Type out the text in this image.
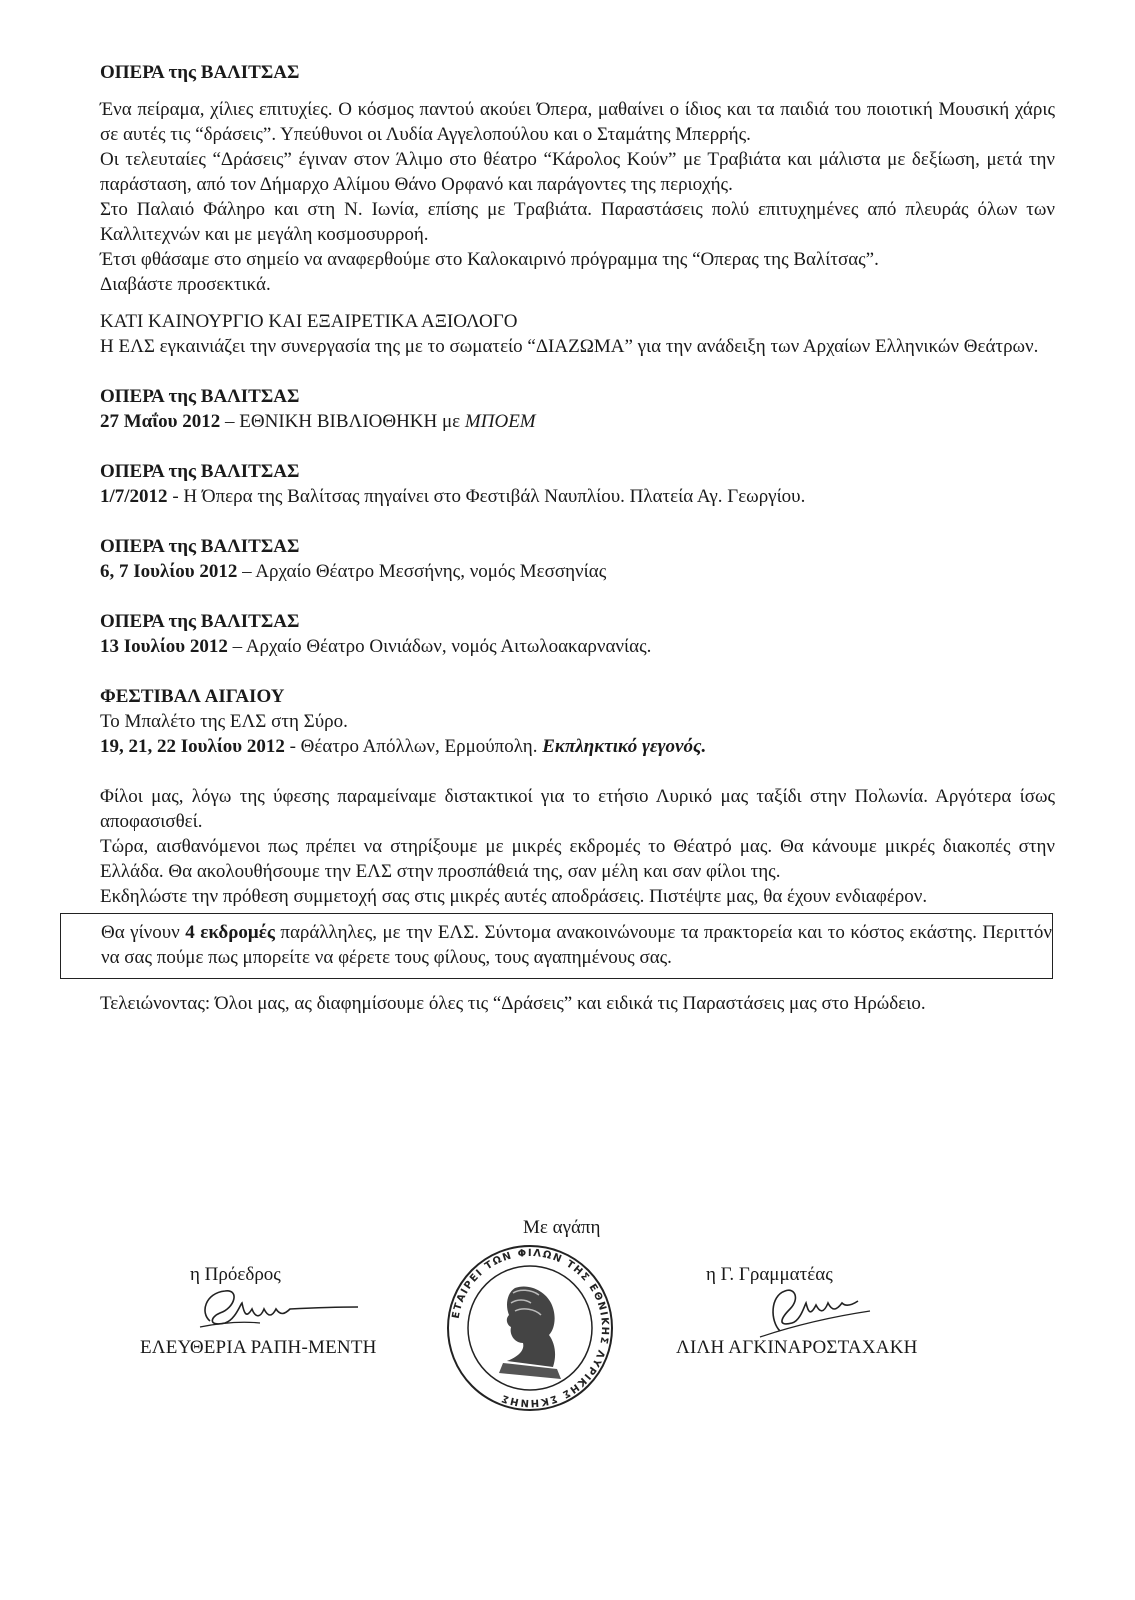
ΟΠΕΡΑ της ΒΑΛΙΤΣΑΣ

Ένα πείραμα, χίλιες επιτυχίες. Ο κόσμος παντού ακούει Όπερα, μαθαίνει ο ίδιος και τα παιδιά του ποιοτική Μουσική χάρις σε αυτές τις “δράσεις”. Υπεύθυνοι οι Λυδία Αγγελοπούλου και ο Σταμάτης Μπερρής.

Οι τελευταίες “Δράσεις” έγιναν στον Άλιμο στο θέατρο “Κάρολος Κούν” με Τραβιάτα και μάλιστα με δεξίωση, μετά την παράσταση, από τον Δήμαρχο Αλίμου Θάνο Ορφανό και παράγοντες της περιοχής.

Στο Παλαιό Φάληρο και στη Ν. Ιωνία, επίσης με Τραβιάτα. Παραστάσεις πολύ επιτυχημένες από πλευράς όλων των Καλλιτεχνών και με μεγάλη κοσμοσυρροή.

Έτσι φθάσαμε στο σημείο να αναφερθούμε στο Καλοκαιρινό πρόγραμμα της “Οπερας της Βαλίτσας”.

Διαβάστε προσεκτικά.

ΚΑΤΙ ΚΑΙΝΟΥΡΓΙΟ ΚΑΙ ΕΞΑΙΡΕΤΙΚΑ ΑΞΙΟΛΟΓΟ

Η ΕΛΣ εγκαινιάζει την συνεργασία της με το σωματείο “ΔΙΑΖΩΜΑ” για την ανάδειξη των Αρχαίων Ελληνικών Θεάτρων.

ΟΠΕΡΑ της ΒΑΛΙΤΣΑΣ

27 Μαΐου 2012 – ΕΘΝΙΚΗ ΒΙΒΛΙΟΘΗΚΗ με ΜΠΟΕΜ

ΟΠΕΡΑ της ΒΑΛΙΤΣΑΣ

1/7/2012 - Η Όπερα της Βαλίτσας πηγαίνει στο Φεστιβάλ Ναυπλίου. Πλατεία Αγ. Γεωργίου.

ΟΠΕΡΑ της ΒΑΛΙΤΣΑΣ

6, 7 Ιουλίου 2012 – Αρχαίο Θέατρο Μεσσήνης, νομός Μεσσηνίας

ΟΠΕΡΑ της ΒΑΛΙΤΣΑΣ

13 Ιουλίου 2012 – Αρχαίο Θέατρο Οινιάδων, νομός Αιτωλοακαρνανίας.

ΦΕΣΤΙΒΑΛ ΑΙΓΑΙΟΥ

Το Μπαλέτο της ΕΛΣ στη Σύρο.

19, 21, 22 Ιουλίου 2012 - Θέατρο Απόλλων, Ερμούπολη. Εκπληκτικό γεγονός.

Φίλοι μας, λόγω της ύφεσης παραμείναμε διστακτικοί για το ετήσιο Λυρικό μας ταξίδι στην Πολωνία. Αργότερα ίσως αποφασισθεί.

Τώρα, αισθανόμενοι πως πρέπει να στηρίξουμε με μικρές εκδρομές το Θέατρό μας. Θα κάνουμε μικρές διακοπές στην Ελλάδα. Θα ακολουθήσουμε την ΕΛΣ στην προσπάθειά της, σαν μέλη και σαν φίλοι της.

Εκδηλώστε την πρόθεση συμμετοχή σας στις μικρές αυτές αποδράσεις. Πιστέψτε μας, θα έχουν ενδιαφέρον.

Θα γίνουν 4 εκδρομές παράλληλες, με την ΕΛΣ. Σύντομα ανακοινώνουμε τα πρακτορεία και το κόστος εκάστης. Περιττόν να σας πούμε πως μπορείτε να φέρετε τους φίλους, τους αγαπημένους σας.

Τελειώνοντας: Όλοι μας, ας διαφημίσουμε όλες τις “Δράσεις” και ειδικά τις Παραστάσεις μας στο Ηρώδειο.

Με αγάπη
η Πρόεδρος
ΕΛΕΥΘΕΡΙΑ ΡΑΠΗ-ΜΕΝΤΗ
ΕΤΑΙΡΕΙ ΤΩΝ ΦΙΛΩΝ ΤΗΣ ΕΘΝΙΚΗΣ ΛΥΡΙΚΗΣ ΣΚΗΝΗΣ
η Γ. Γραμματέας
ΛΙΛΗ ΑΓΚΙΝΑΡΟΣΤΑΧΑΚΗ
